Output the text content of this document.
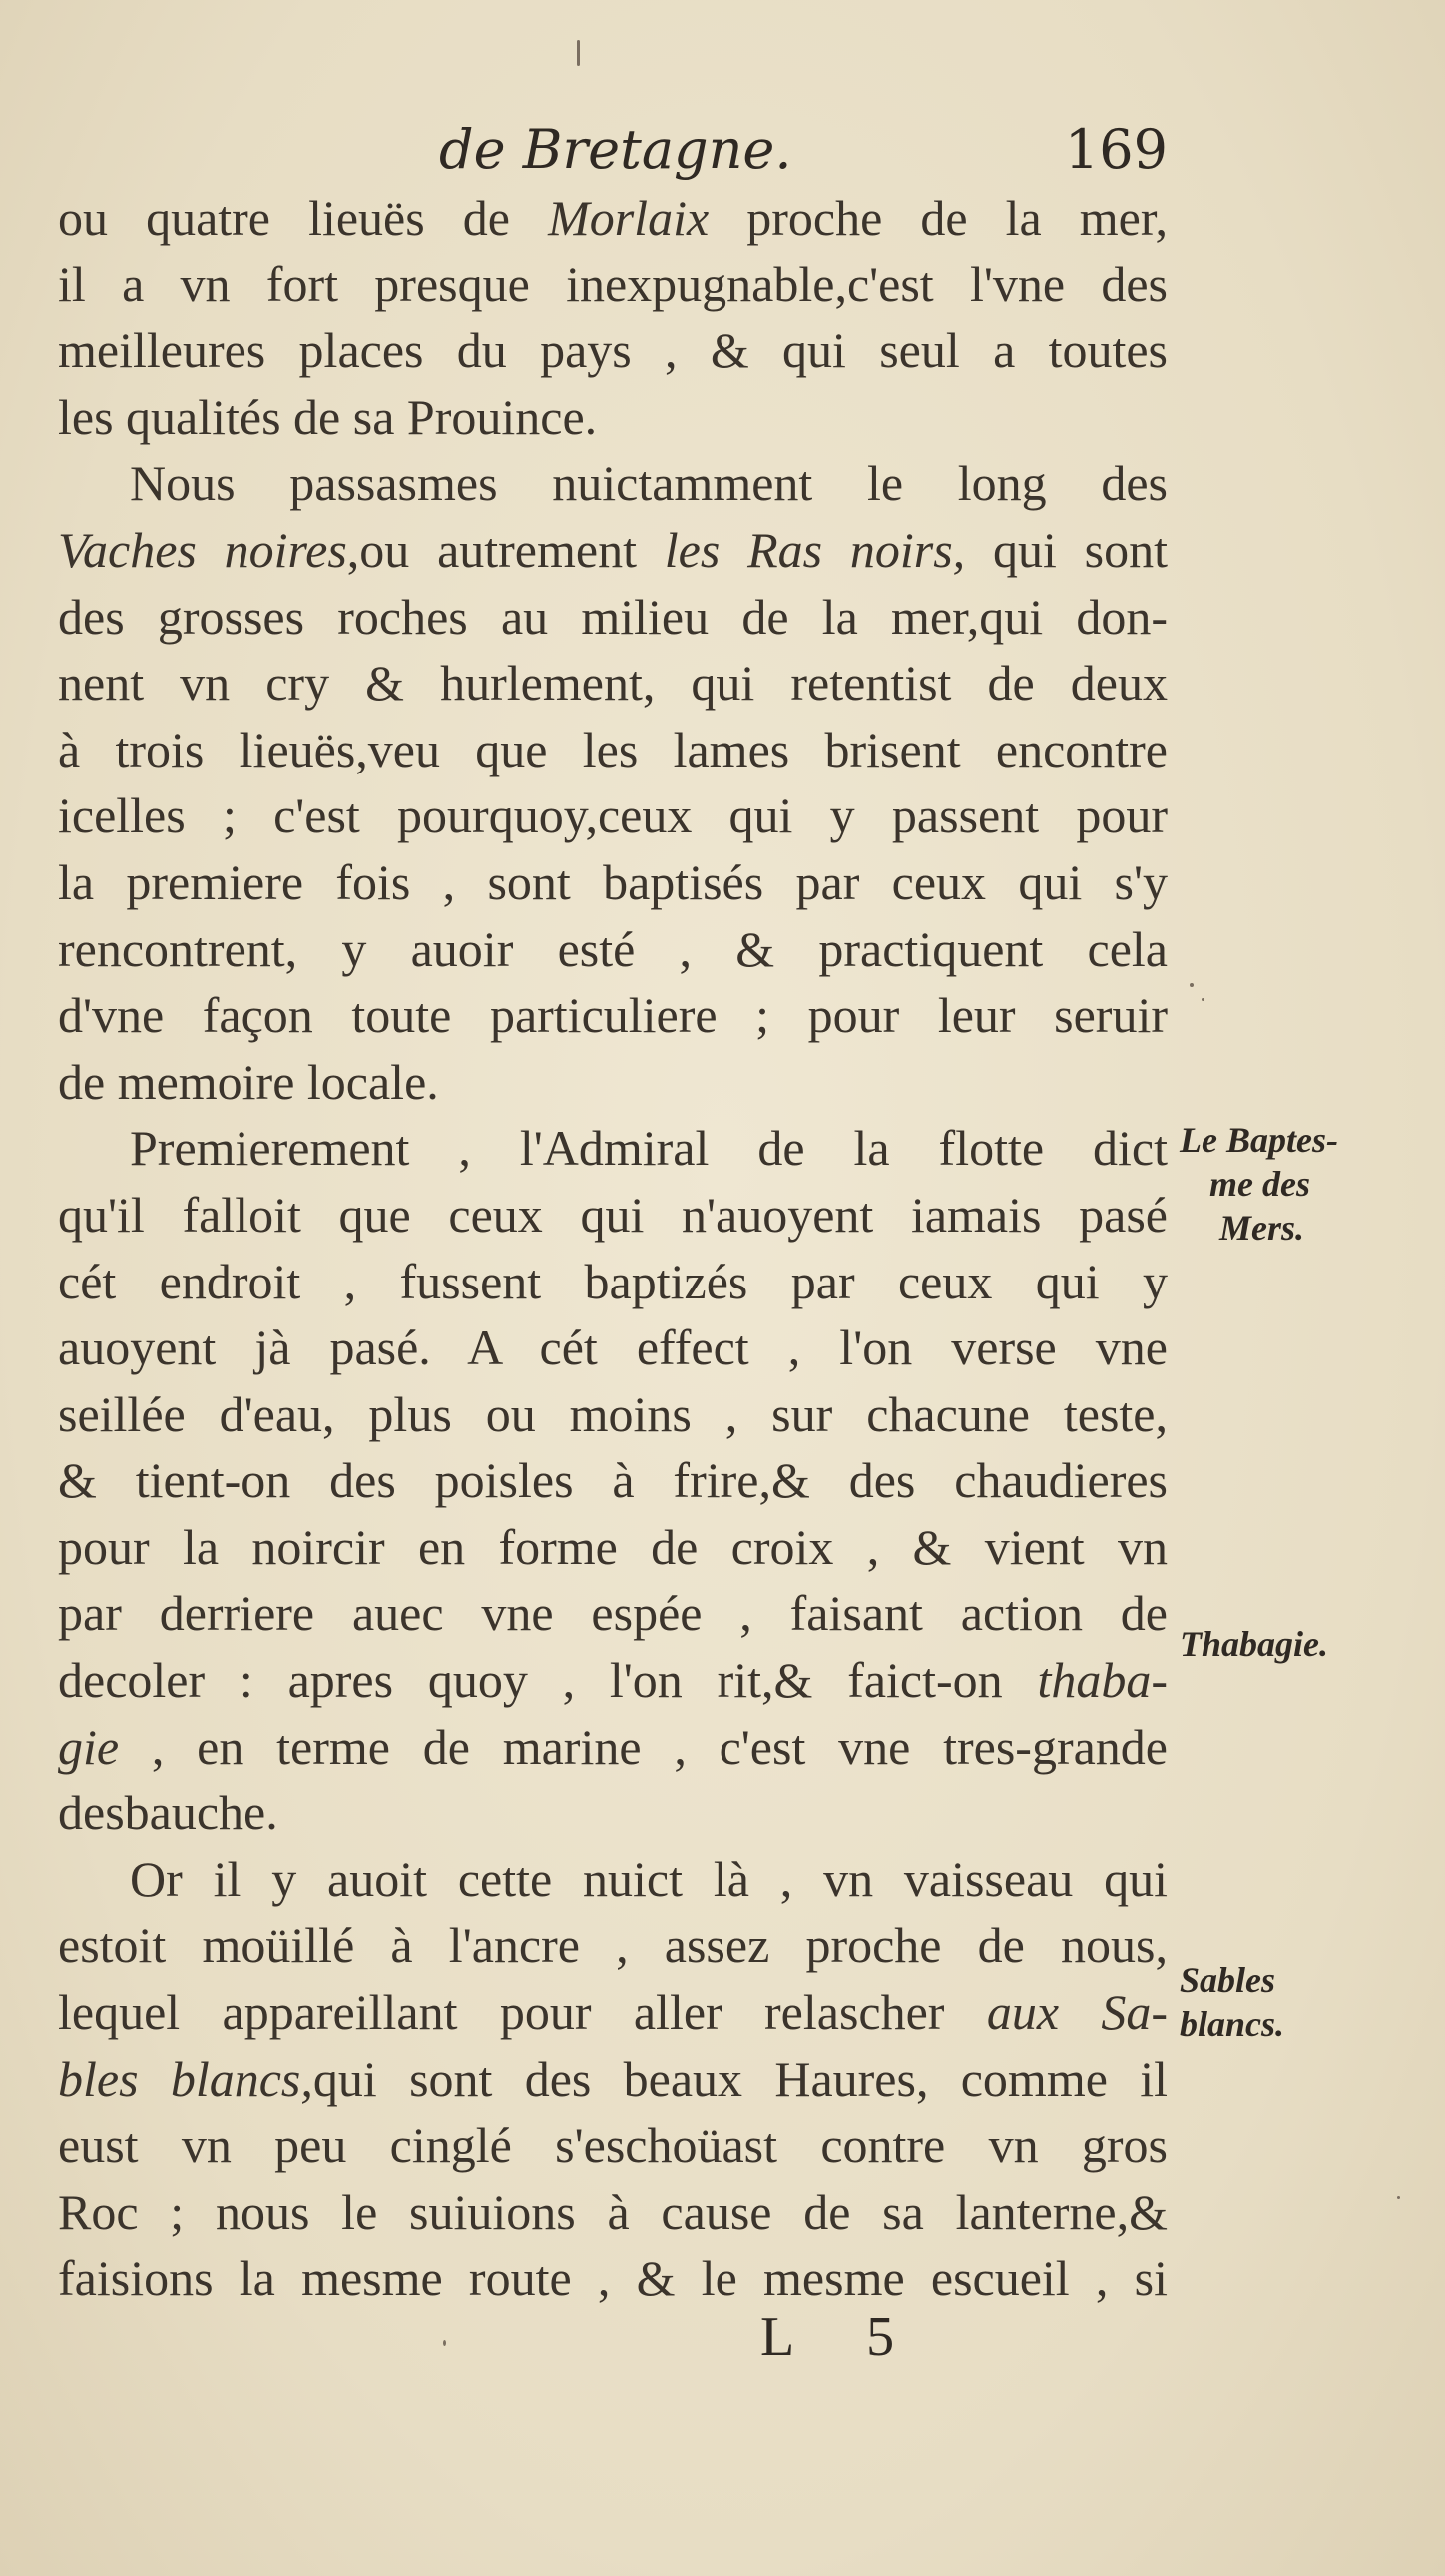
de Bretagne.	169
ou quatre lieuës de Morlaix proche de la mer,
il a vn fort presque inexpugnable,c'est l'vne des
meilleures places du pays , & qui seul a toutes
les qualités de sa Prouince.
Nous passasmes nuictamment le long des
Vaches noires,ou autrement les Ras noirs, qui sont
des grosses roches au milieu de la mer,qui don-
nent vn cry & hurlement, qui retentist de deux
à trois lieuës,veu que les lames brisent encontre
icelles ; c'est pourquoy,ceux qui y passent pour
la premiere fois , sont baptisés par ceux qui s'y
rencontrent, y auoir esté , & practiquent cela
d'vne façon toute particuliere ; pour leur seruir
de memoire locale.
Premierement , l'Admiral de la flotte dict
qu'il falloit que ceux qui n'auoyent iamais pasé
cét endroit , fussent baptizés par ceux qui y
auoyent jà pasé. A cét effect , l'on verse vne
seillée d'eau, plus ou moins , sur chacune teste,
& tient-on des poisles à frire,& des chaudieres
pour la noircir en forme de croix , & vient vn
par derriere auec vne espée , faisant action de
decoler : apres quoy , l'on rit,& faict-on thaba-
gie , en terme de marine , c'est vne tres-grande
desbauche.
Or il y auoit cette nuict là , vn vaisseau qui
estoit moüillé à l'ancre , assez proche de nous,
lequel appareillant pour aller relascher aux Sa-
bles blancs,qui sont des beaux Haures, comme il
eust vn peu cinglé s'eschoüast contre vn gros
Roc ; nous le suiuions à cause de sa lanterne,&
faisions la mesme route , & le mesme escueil , si
Le Baptes-
me des
Mers.
Thabagie.
Sables
blancs.
L 5
